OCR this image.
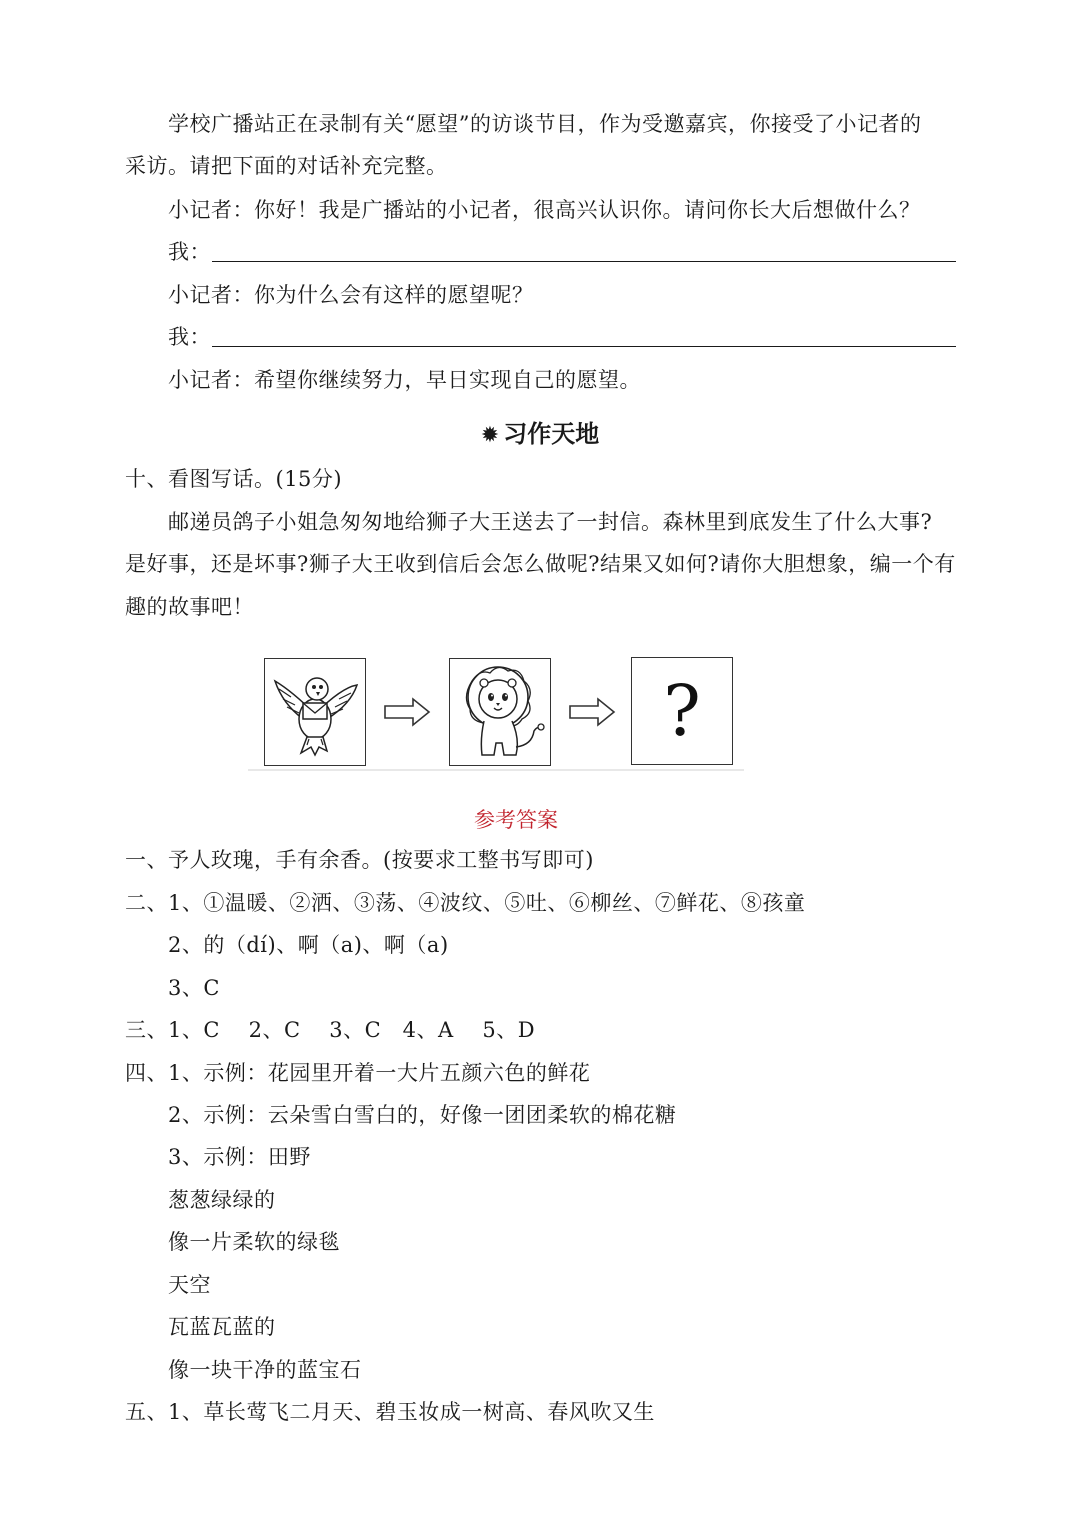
学校广播站正在录制有关“愿望”的访谈节目，作为受邀嘉宾，你接受了小记者的
采访。请把下面的对话补充完整。
小记者：你好！我是广播站的小记者，很高兴认识你。请问你长大后想做什么？
我：
小记者：你为什么会有这样的愿望呢？
我：
小记者：希望你继续努力，早日实现自己的愿望。
✹ 习作天地
十、看图写话。(15分)
邮递员鸽子小姐急匆匆地给狮子大王送去了一封信。森林里到底发生了什么大事?
是好事，还是坏事?狮子大王收到信后会怎么做呢?结果又如何?请你大胆想象，编一个有
趣的故事吧！
?
参考答案
一、予人玫瑰，手有余香。(按要求工整书写即可)
二、1、①温暖、②洒、③荡、④波纹、⑤吐、⑥柳丝、⑦鲜花、⑧孩童
2、的（dí)、啊（a)、啊（a)
3、C
三、1、C　 2、C　 3、C　4、A　 5、D
四、1、示例：花园里开着一大片五颜六色的鲜花
2、示例：云朵雪白雪白的，好像一团团柔软的棉花糖
3、示例：田野
葱葱绿绿的
像一片柔软的绿毯
天空
瓦蓝瓦蓝的
像一块干净的蓝宝石
五、1、草长莺飞二月天、碧玉妆成一树高、春风吹又生
